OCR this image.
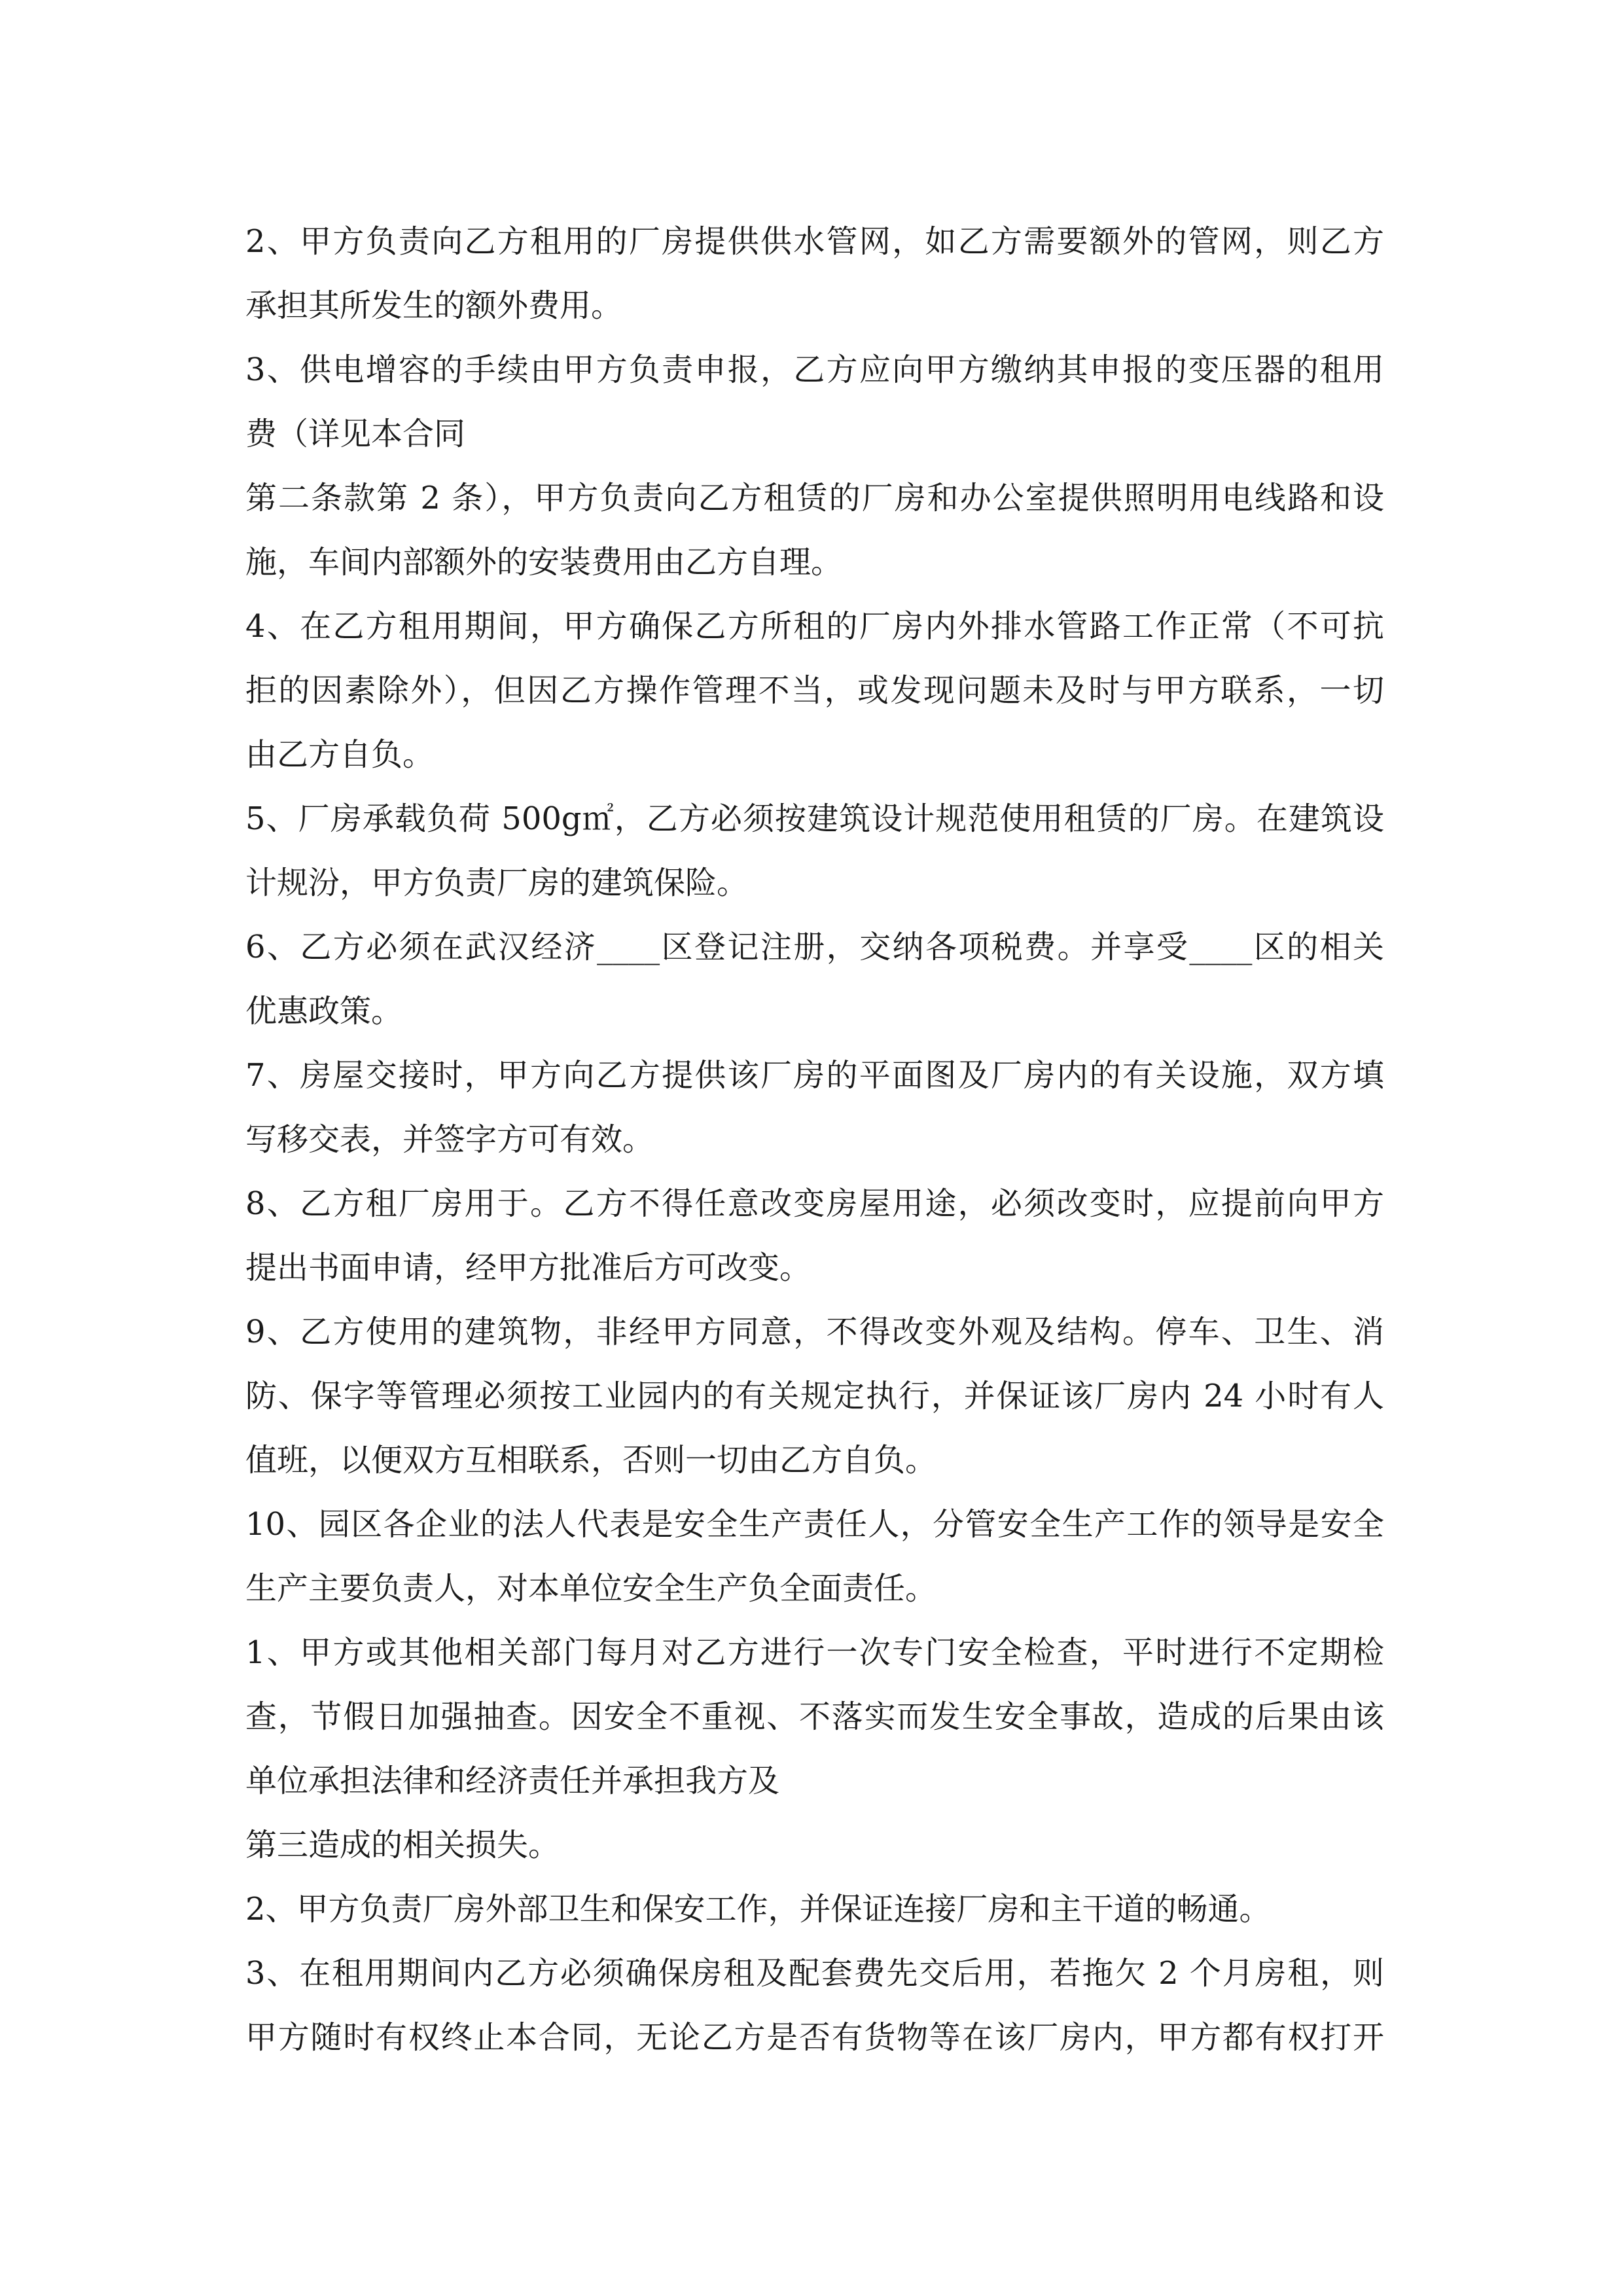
2、甲方负责向乙方租用的厂房提供供水管网，如乙方需要额外的管网，则乙方
承担其所发生的额外费用。
3、供电增容的手续由甲方负责申报，乙方应向甲方缴纳其申报的变压器的租用
费（详见本合同
第二条款第 2 条），甲方负责向乙方租赁的厂房和办公室提供照明用电线路和设
施，车间内部额外的安装费用由乙方自理。
4、在乙方租用期间，甲方确保乙方所租的厂房内外排水管路工作正常（不可抗
拒的因素除外），但因乙方操作管理不当，或发现问题未及时与甲方联系，一切
由乙方自负。
5、厂房承载负荷 500g㎡，乙方必须按建筑设计规范使用租赁的厂房。在建筑设
计规汾，甲方负责厂房的建筑保险。
6、乙方必须在武汉经济____区登记注册，交纳各项税费。并享受____区的相关
优惠政策。
7、房屋交接时，甲方向乙方提供该厂房的平面图及厂房内的有关设施，双方填
写移交表，并签字方可有效。
8、乙方租厂房用于。乙方不得任意改变房屋用途，必须改变时，应提前向甲方
提出书面申请，经甲方批准后方可改变。
9、乙方使用的建筑物，非经甲方同意，不得改变外观及结构。停车、卫生、消
防、保字等管理必须按工业园内的有关规定执行，并保证该厂房内 24 小时有人
值班，以便双方互相联系，否则一切由乙方自负。
10、园区各企业的法人代表是安全生产责任人，分管安全生产工作的领导是安全
生产主要负责人，对本单位安全生产负全面责任。
1、甲方或其他相关部门每月对乙方进行一次专门安全检查，平时进行不定期检
查，节假日加强抽查。因安全不重视、不落实而发生安全事故，造成的后果由该
单位承担法律和经济责任并承担我方及
第三造成的相关损失。
2、甲方负责厂房外部卫生和保安工作，并保证连接厂房和主干道的畅通。
3、在租用期间内乙方必须确保房租及配套费先交后用，若拖欠 2 个月房租，则
甲方随时有权终止本合同，无论乙方是否有货物等在该厂房内，甲方都有权打开
